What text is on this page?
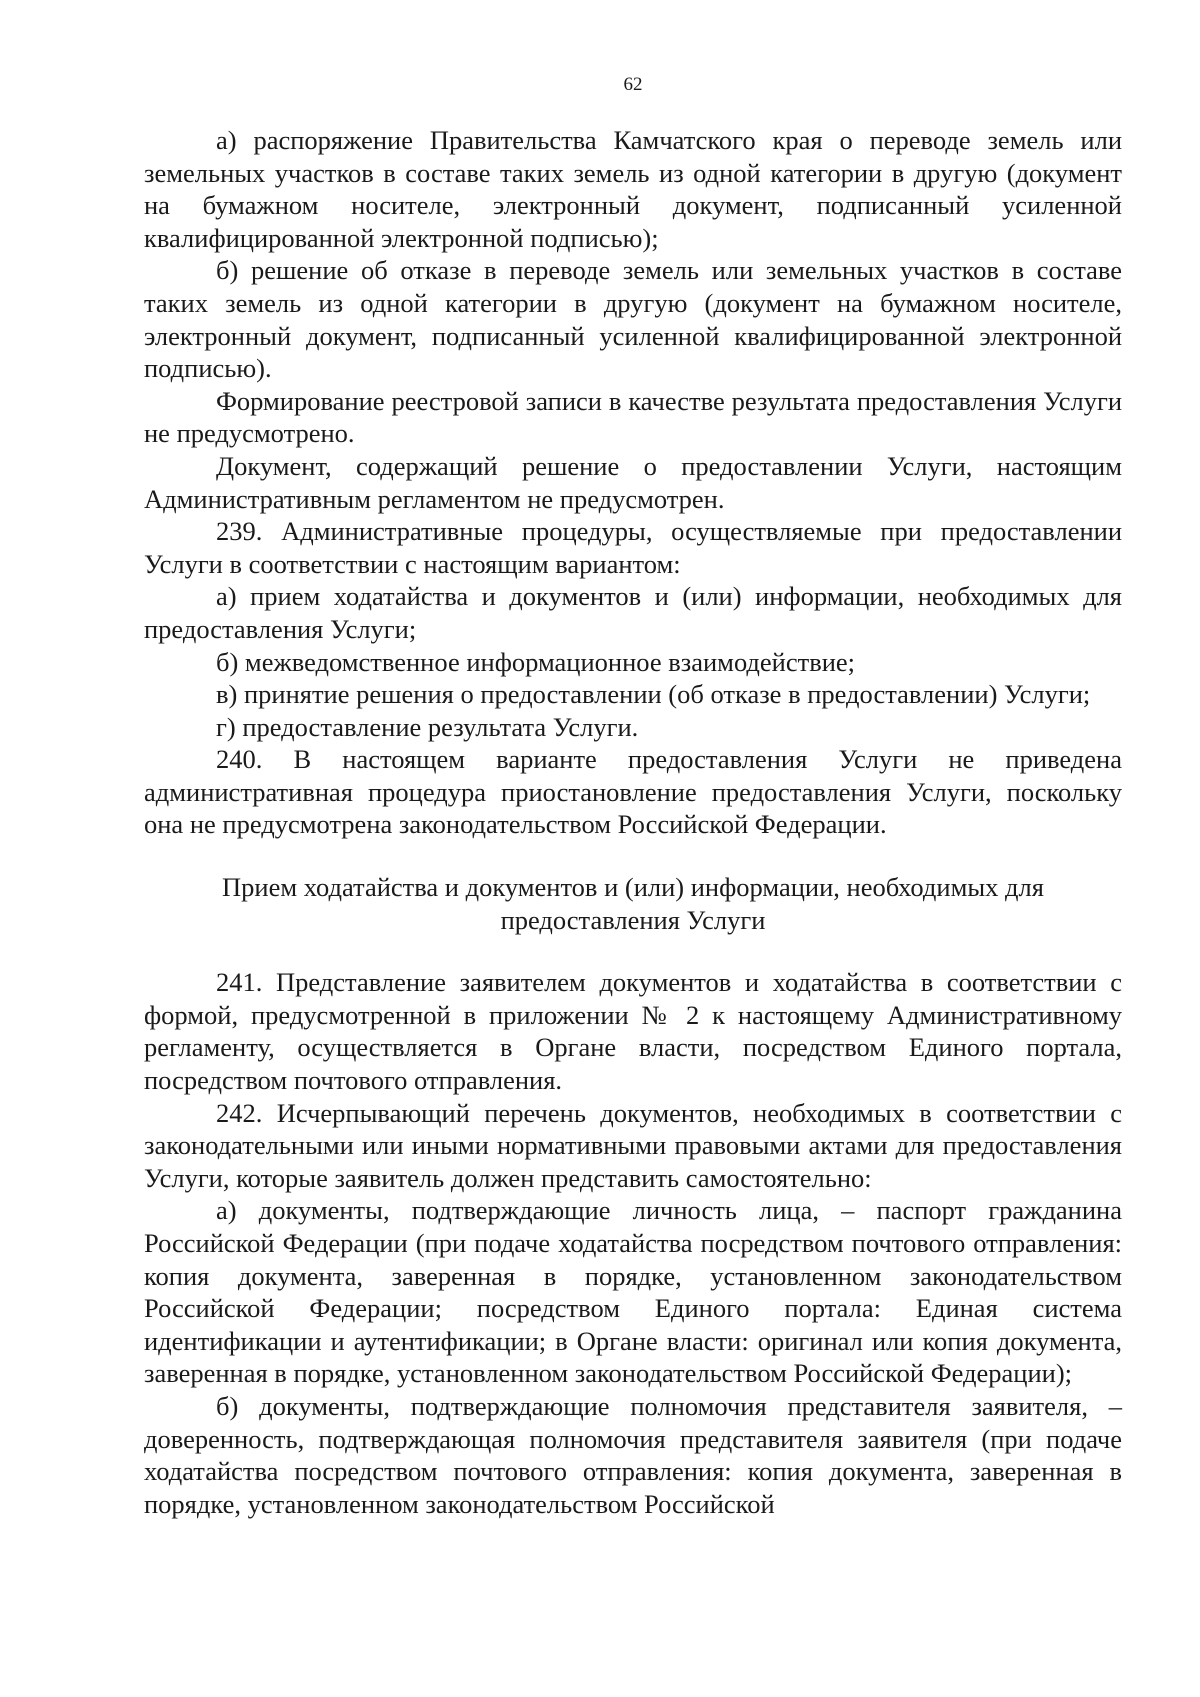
62

а) распоряжение Правительства Камчатского края о переводе земель или земельных участков в составе таких земель из одной категории в другую (документ на бумажном носителе, электронный документ, подписанный усиленной квалифицированной электронной подписью);

б) решение об отказе в переводе земель или земельных участков в составе таких земель из одной категории в другую (документ на бумажном носителе, электронный документ, подписанный усиленной квалифицированной электронной подписью).

Формирование реестровой записи в качестве результата предоставления Услуги не предусмотрено.

Документ, содержащий решение о предоставлении Услуги, настоящим Административным регламентом не предусмотрен.

239. Административные процедуры, осуществляемые при предоставлении Услуги в соответствии с настоящим вариантом:

а) прием ходатайства и документов и (или) информации, необходимых для предоставления Услуги;

б) межведомственное информационное взаимодействие;

в) принятие решения о предоставлении (об отказе в предоставлении) Услуги;

г) предоставление результата Услуги.

240. В настоящем варианте предоставления Услуги не приведена административная процедура приостановление предоставления Услуги, поскольку она не предусмотрена законодательством Российской Федерации.

Прием ходатайства и документов и (или) информации, необходимых для
предоставления Услуги

241. Представление заявителем документов и ходатайства в соответствии с формой, предусмотренной в приложении № 2 к настоящему Административному регламенту, осуществляется в Органе власти, посредством Единого портала, посредством почтового отправления.

242. Исчерпывающий перечень документов, необходимых в соответствии с законодательными или иными нормативными правовыми актами для предоставления Услуги, которые заявитель должен представить самостоятельно:

а) документы, подтверждающие личность лица, – паспорт гражданина Российской Федерации (при подаче ходатайства посредством почтового отправления: копия документа, заверенная в порядке, установленном законодательством Российской Федерации; посредством Единого портала: Единая система идентификации и аутентификации; в Органе власти: оригинал или копия документа, заверенная в порядке, установленном законодательством Российской Федерации);

б) документы, подтверждающие полномочия представителя заявителя, – доверенность, подтверждающая полномочия представителя заявителя (при подаче ходатайства посредством почтового отправления: копия документа, заверенная в порядке, установленном законодательством Российской
